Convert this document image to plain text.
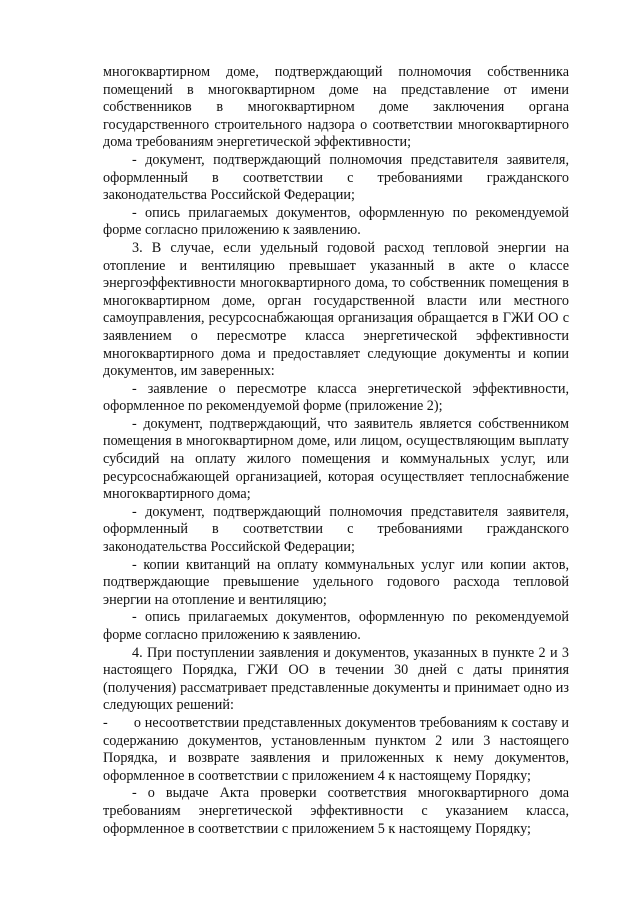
многоквартирном доме, подтверждающий полномочия собственника помещений в многоквартирном доме на представление от имени собственников в многоквартирном доме заключения органа государственного строительного надзора о соответствии многоквартирного дома требованиям энергетической эффективности;

- документ, подтверждающий полномочия представителя заявителя, оформленный в соответствии с требованиями гражданского законодательства Российской Федерации;

- опись прилагаемых документов, оформленную по рекомендуемой форме согласно приложению к заявлению.

3. В случае, если удельный годовой расход тепловой энергии на отопление и вентиляцию превышает указанный в акте о классе энергоэффективности многоквартирного дома, то собственник помещения в многоквартирном доме, орган государственной власти или местного самоуправления, ресурсоснабжающая организация обращается в ГЖИ ОО с заявлением о пересмотре класса энергетической эффективности многоквартирного дома и предоставляет следующие документы и копии документов, им заверенных:

- заявление о пересмотре класса энергетической эффективности, оформленное по рекомендуемой форме (приложение 2);

- документ, подтверждающий, что заявитель является собственником помещения в многоквартирном доме, или лицом, осуществляющим выплату субсидий на оплату жилого помещения и коммунальных услуг, или ресурсоснабжающей организацией, которая осуществляет теплоснабжение многоквартирного дома;

- документ, подтверждающий полномочия представителя заявителя, оформленный в соответствии с требованиями гражданского законодательства Российской Федерации;

- копии квитанций на оплату коммунальных услуг или копии актов, подтверждающие превышение удельного годового расхода тепловой энергии на отопление и вентиляцию;

- опись прилагаемых документов, оформленную по рекомендуемой форме согласно приложению к заявлению.

4. При поступлении заявления и документов, указанных в пункте 2 и 3 настоящего Порядка, ГЖИ ОО в течении 30 дней с даты принятия (получения) рассматривает представленные документы и принимает одно из следующих решений:

-       о несоответствии представленных документов требованиям к составу и содержанию документов, установленным пунктом 2 или 3 настоящего Порядка, и возврате заявления и приложенных к нему документов, оформленное в соответствии с приложением 4 к настоящему Порядку;

- о выдаче Акта проверки соответствия многоквартирного дома требованиям энергетической эффективности с указанием класса, оформленное в соответствии с приложением 5 к настоящему Порядку;
